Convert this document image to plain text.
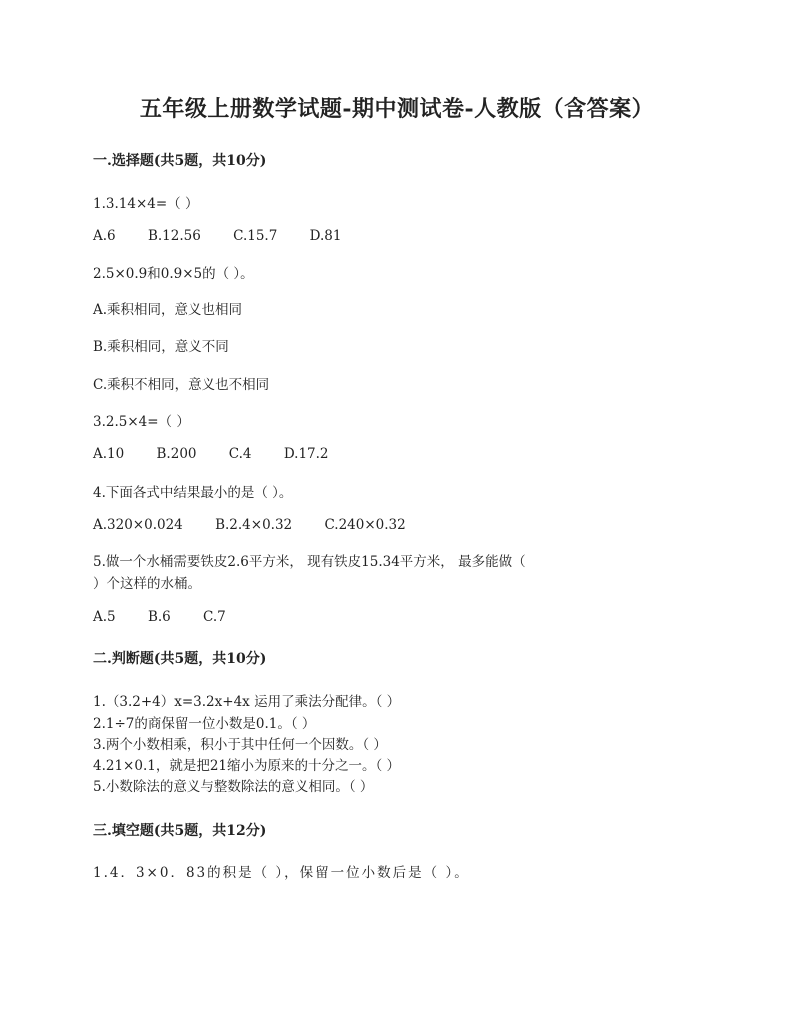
五年级上册数学试题-期中测试卷-人教版（含答案）
一.选择题(共5题，共10分)
1.3.14×4=（ ）
A.6 B.12.56 C.15.7 D.81
2.5×0.9和0.9×5的（ ）。
A.乘积相同，意义也相同
B.乘积相同，意义不同
C.乘积不相同，意义也不相同
3.2.5×4=（ ）
A.10 B.200 C.4 D.17.2
4.下面各式中结果最小的是（ ）。
A.320×0.024 B.2.4×0.32 C.240×0.32
5.做一个水桶需要铁皮2.6平方米， 现有铁皮15.34平方米， 最多能做（
）个这样的水桶。
A.5 B.6 C.7
二.判断题(共5题，共10分)
1.（3.2+4）x=3.2x+4x 运用了乘法分配律。（ ）
2.1÷7的商保留一位小数是0.1。（ ）
3.两个小数相乘，积小于其中任何一个因数。（ ）
4.21×0.1，就是把21缩小为原来的十分之一。（ ）
5.小数除法的意义与整数除法的意义相同。（ ）
三.填空题(共5题，共12分)
1.4．3×0．83的积是（ ），保留一位小数后是（ ）。
